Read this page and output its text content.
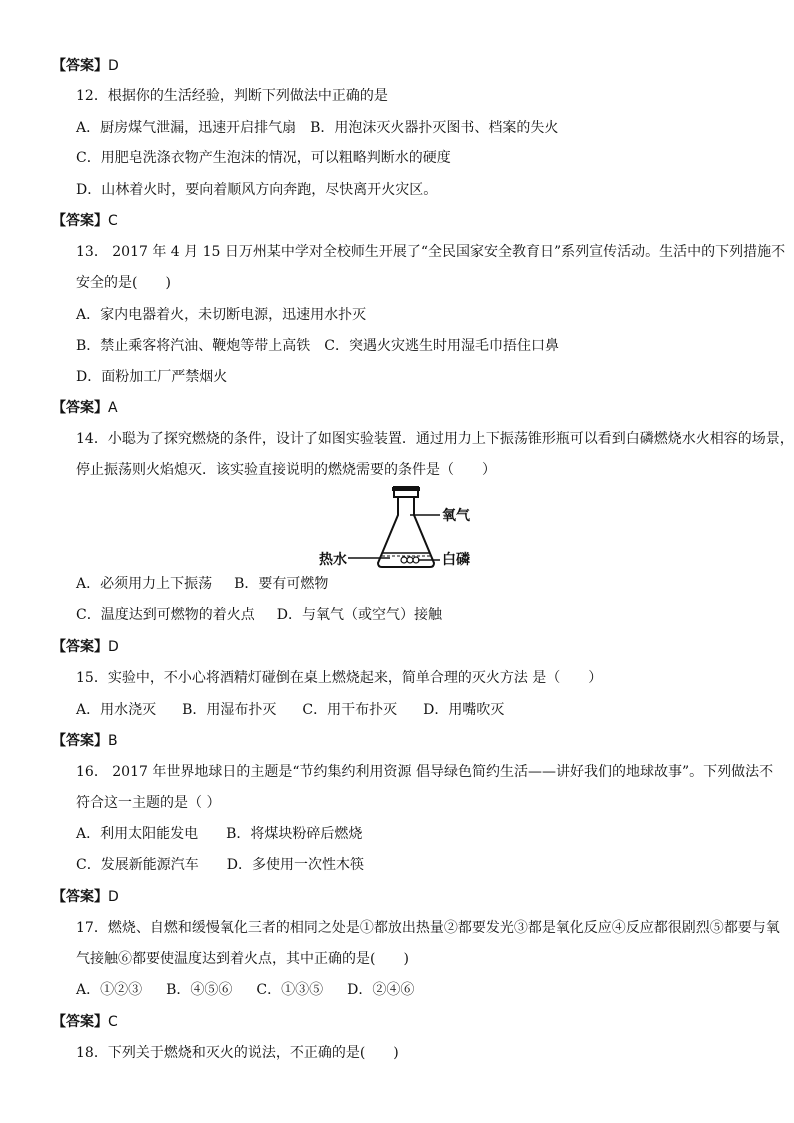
【答案】D
12．根据你的生活经验，判断下列做法中正确的是
A．厨房煤气泄漏，迅速开启排气扇 B．用泡沫灭火器扑灭图书、档案的失火
C．用肥皂洗涤衣物产生泡沫的情况，可以粗略判断水的硬度
D．山林着火时，要向着顺风方向奔跑，尽快离开火灾区。
【答案】C
13． 2017 年 4 月 15 日万州某中学对全校师生开展了“全民国家安全教育日”系列宣传活动。生活中的下列措施不
安全的是(　　)
A．家内电器着火，未切断电源，迅速用水扑灭
B．禁止乘客将汽油、鞭炮等带上高铁 C．突遇火灾逃生时用湿毛巾捂住口鼻
D．面粉加工厂严禁烟火
【答案】A
14．小聪为了探究燃烧的条件，设计了如图实验装置．通过用力上下振荡锥形瓶可以看到白磷燃烧水火相容的场景，
停止振荡则火焰熄灭．该实验直接说明的燃烧需要的条件是（　　）
氧气
热水	白磷
A．必须用力上下振荡 B．要有可燃物
C．温度达到可燃物的着火点 D．与氧气（或空气）接触
【答案】D
15．实验中，不小心将酒精灯碰倒在桌上燃烧起来，简单合理的灭火方法 是（　　）
A．用水浇灭 B．用湿布扑灭 C．用干布扑灭 D．用嘴吹灭
【答案】B
16． 2017 年世界地球日的主题是“节约集约利用资源 倡导绿色简约生活——讲好我们的地球故事”。下列做法不
符合这一主题的是（ ）
A．利用太阳能发电 B．将煤块粉碎后燃烧
C．发展新能源汽车 D．多使用一次性木筷
【答案】D
17．燃烧、自燃和缓慢氧化三者的相同之处是①都放出热量②都要发光③都是氧化反应④反应都很剧烈⑤都要与氧
气接触⑥都要使温度达到着火点，其中正确的是(　　)
A．①②③ B．④⑤⑥ C．①③⑤ D．②④⑥
【答案】C
18．下列关于燃烧和灭火的说法，不正确的是(　　)
